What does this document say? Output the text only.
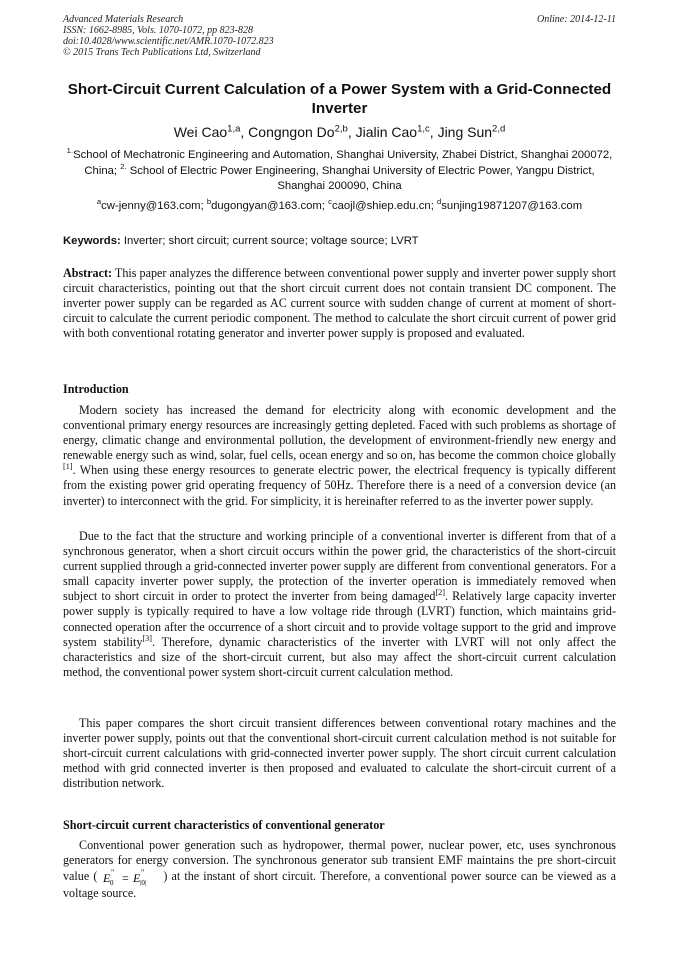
Advanced Materials Research
ISSN: 1662-8985, Vols. 1070-1072, pp 823-828
doi:10.4028/www.scientific.net/AMR.1070-1072.823
© 2015 Trans Tech Publications Ltd, Switzerland
Online: 2014-12-11
Short-Circuit Current Calculation of a Power System with a Grid-Connected Inverter
Wei Cao$^{1,a}$, Congngon Do$^{2,b}$, Jialin Cao$^{1,c}$, Jing Sun$^{2,d}$
$^{1.}$School of Mechatronic Engineering and Automation, Shanghai University, Zhabei District, Shanghai 200072, China; $^{2.}$ School of Electric Power Engineering, Shanghai University of Electric Power, Yangpu District, Shanghai 200090, China
$^a$cw-jenny@163.com; $^b$dugongyan@163.com; $^c$caojl@shiep.edu.cn; $^d$sunjing19871207@163.com
Keywords: Inverter; short circuit; current source; voltage source; LVRT
Abstract: This paper analyzes the difference between conventional power supply and inverter power supply short circuit characteristics, pointing out that the short circuit current does not contain transient DC component. The inverter power supply can be regarded as AC current source with sudden change of current at moment of short-circuit to calculate the current periodic component. The method to calculate the short circuit current of power grid with both conventional rotating generator and inverter power supply is proposed and evaluated.
Introduction
Modern society has increased the demand for electricity along with economic development and the conventional primary energy resources are increasingly getting depleted. Faced with such problems as shortage of energy, climatic change and environmental pollution, the development of environment-friendly new energy and renewable energy such as wind, solar, fuel cells, ocean energy and so on, has become the common choice globally [1]. When using these energy resources to generate electric power, the electrical frequency is typically different from the existing power grid operating frequency of 50Hz. Therefore there is a need of a conversion device (an inverter) to interconnect with the grid. For simplicity, it is hereinafter referred to as the inverter power supply.
Due to the fact that the structure and working principle of a conventional inverter is different from that of a synchronous generator, when a short circuit occurs within the power grid, the characteristics of the short-circuit current supplied through a grid-connected inverter power supply are different from conventional generators. For a small capacity inverter power supply, the protection of the inverter operation is immediately removed when subject to short circuit in order to protect the inverter from being damaged[2]. Relatively large capacity inverter power supply is typically required to have a low voltage ride through (LVRT) function, which maintains grid-connected operation after the occurrence of a short circuit and to provide voltage support to the grid and improve system stability[3]. Therefore, dynamic characteristics of the inverter with LVRT will not only affect the characteristics and size of the short-circuit current, but also may affect the short-circuit current calculation method, the conventional power system short-circuit current calculation method.
This paper compares the short circuit transient differences between conventional rotary machines and the inverter power supply, points out that the conventional short-circuit current calculation method is not suitable for short-circuit current calculations with grid-connected inverter power supply. The short circuit current calculation method with grid connected inverter is then proposed and evaluated to calculate the short-circuit current of a distribution network.
Short-circuit current characteristics of conventional generator
Conventional power generation such as hydropower, thermal power, nuclear power, etc, uses synchronous generators for energy conversion. The synchronous generator sub transient EMF maintains the pre short-circuit value ( E "
0 = E "
|0|
) at the instant of short circuit. Therefore, a conventional power source can be viewed as a voltage source.
